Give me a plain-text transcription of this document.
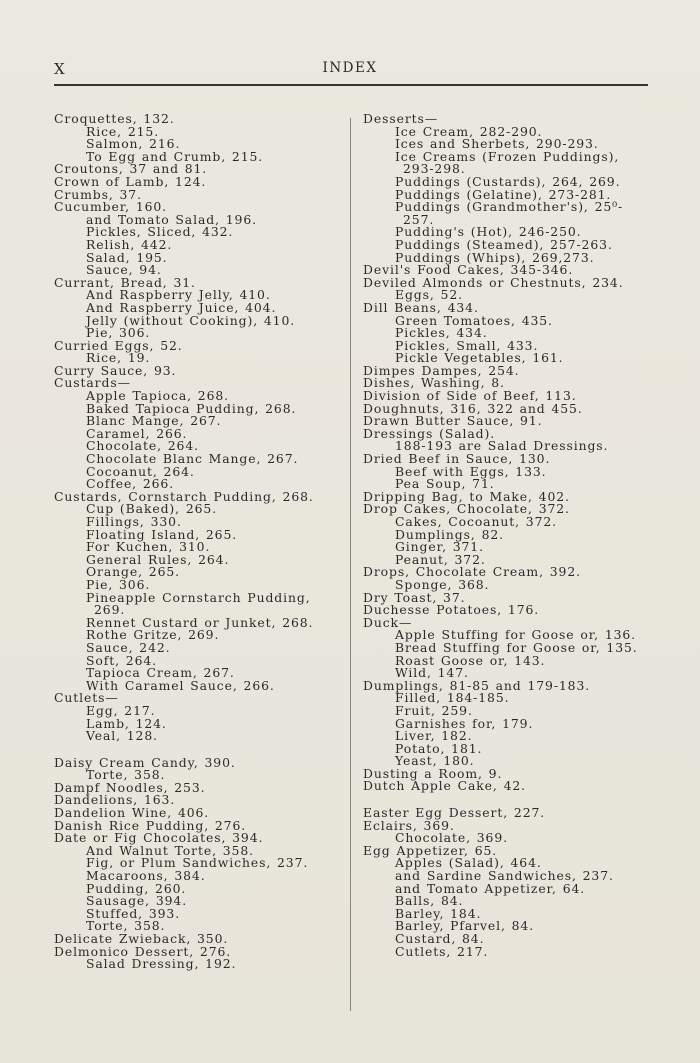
X	INDEX
Croquettes, 132.
Rice, 215.
Salmon, 216.
To Egg and Crumb, 215.
Croutons, 37 and 81.
Crown of Lamb, 124.
Crumbs, 37.
Cucumber, 160.
and Tomato Salad, 196.
Pickles, Sliced, 432.
Relish, 442.
Salad, 195.
Sauce, 94.
Currant, Bread, 31.
And Raspberry Jelly, 410.
And Raspberry Juice, 404.
Jelly (without Cooking), 410.
Pie, 306.
Curried Eggs, 52.
Rice, 19.
Curry Sauce, 93.
Custards—
Apple Tapioca, 268.
Baked Tapioca Pudding, 268.
Blanc Mange, 267.
Caramel, 266.
Chocolate, 264.
Chocolate Blanc Mange, 267.
Cocoanut, 264.
Coffee, 266.
Custards, Cornstarch Pudding, 268.
Cup (Baked), 265.
Fillings, 330.
Floating Island, 265.
For Kuchen, 310.
General Rules, 264.
Orange, 265.
Pie, 306.
Pineapple Cornstarch Pudding,
269.
Rennet Custard or Junket, 268.
Rothe Gritze, 269.
Sauce, 242.
Soft, 264.
Tapioca Cream, 267.
With Caramel Sauce, 266.
Cutlets—
Egg, 217.
Lamb, 124.
Veal, 128.
Daisy Cream Candy, 390.
Torte, 358.
Dampf Noodles, 253.
Dandelions, 163.
Dandelion Wine, 406.
Danish Rice Pudding, 276.
Date or Fig Chocolates, 394.
And Walnut Torte, 358.
Fig, or Plum Sandwiches, 237.
Macaroons, 384.
Pudding, 260.
Sausage, 394.
Stuffed, 393.
Torte, 358.
Delicate Zwieback, 350.
Delmonico Dessert, 276.
Salad Dressing, 192.
Desserts—
Ice Cream, 282-290.
Ices and Sherbets, 290-293.
Ice Creams (Frozen Puddings),
293-298.
Puddings (Custards), 264, 269.
Puddings (Gelatine), 273-281.
Puddings (Grandmother's), 25⁰-
257.
Pudding's (Hot), 246-250.
Puddings (Steamed), 257-263.
Puddings (Whips), 269,273.
Devil's Food Cakes, 345-346.
Deviled Almonds or Chestnuts, 234.
Eggs, 52.
Dill Beans, 434.
Green Tomatoes, 435.
Pickles, 434.
Pickles, Small, 433.
Pickle Vegetables, 161.
Dimpes Dampes, 254.
Dishes, Washing, 8.
Division of Side of Beef, 113.
Doughnuts, 316, 322 and 455.
Drawn Butter Sauce, 91.
Dressings (Salad).
188-193 are Salad Dressings.
Dried Beef in Sauce, 130.
Beef with Eggs, 133.
Pea Soup, 71.
Dripping Bag, to Make, 402.
Drop Cakes, Chocolate, 372.
Cakes, Cocoanut, 372.
Dumplings, 82.
Ginger, 371.
Peanut, 372.
Drops, Chocolate Cream, 392.
Sponge, 368.
Dry Toast, 37.
Duchesse Potatoes, 176.
Duck—
Apple Stuffing for Goose or, 136.
Bread Stuffing for Goose or, 135.
Roast Goose or, 143.
Wild, 147.
Dumplings, 81-85 and 179-183.
Filled, 184-185.
Fruit, 259.
Garnishes for, 179.
Liver, 182.
Potato, 181.
Yeast, 180.
Dusting a Room, 9.
Dutch Apple Cake, 42.
Easter Egg Dessert, 227.
Eclairs, 369.
Chocolate, 369.
Egg Appetizer, 65.
Apples (Salad), 464.
and Sardine Sandwiches, 237.
and Tomato Appetizer, 64.
Balls, 84.
Barley, 184.
Barley, Pfarvel, 84.
Custard, 84.
Cutlets, 217.
